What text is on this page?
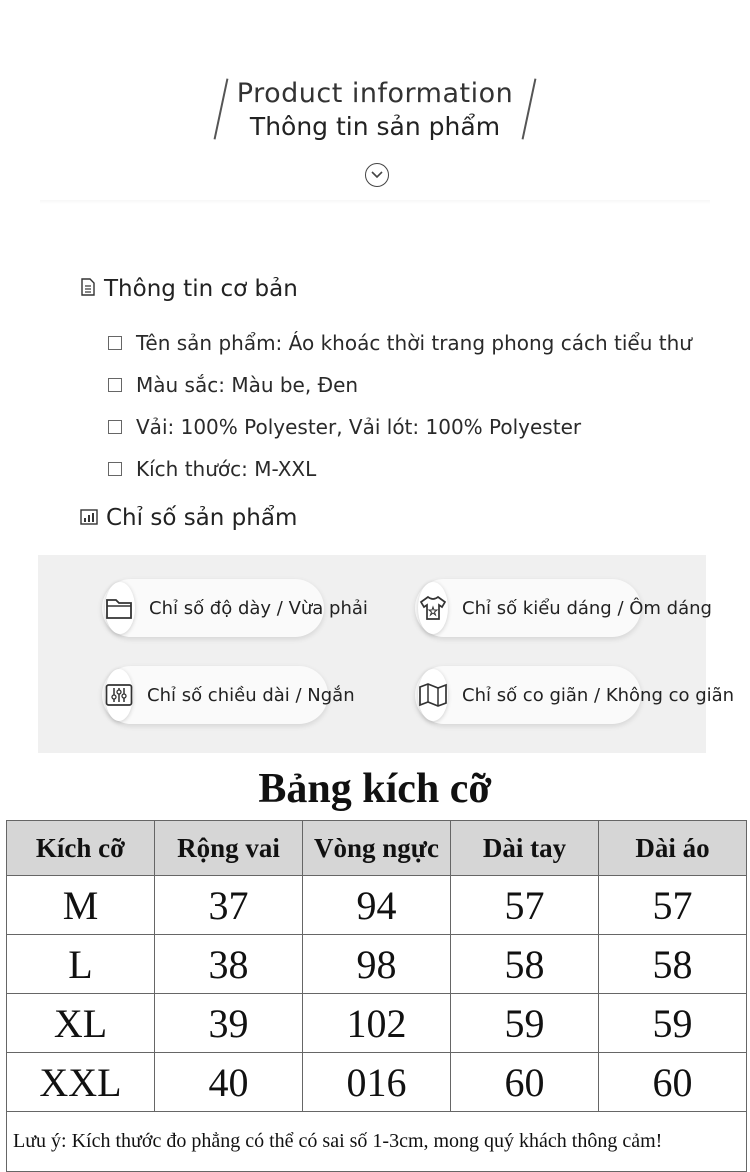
Product information
Thông tin sản phẩm
Thông tin cơ bản
Tên sản phẩm: Áo khoác thời trang phong cách tiểu thư
Màu sắc: Màu be, Đen
Vải: 100% Polyester, Vải lót: 100% Polyester
Kích thước: M-XXL
Chỉ số sản phẩm
Chỉ số độ dày / Vừa phải	Chỉ số kiểu dáng / Ôm dáng
Chỉ số chiều dài / Ngắn	Chỉ số co giãn / Không co giãn
Bảng kích cỡ
Kích cỡ	Rộng vai	Vòng ngực	Dài tay	Dài áo
M	37	94	57	57
L	38	98	58	58
XL	39	102	59	59
XXL	40	016	60	60
Lưu ý: Kích thước đo phẳng có thể có sai số 1-3cm, mong quý khách thông cảm!				
